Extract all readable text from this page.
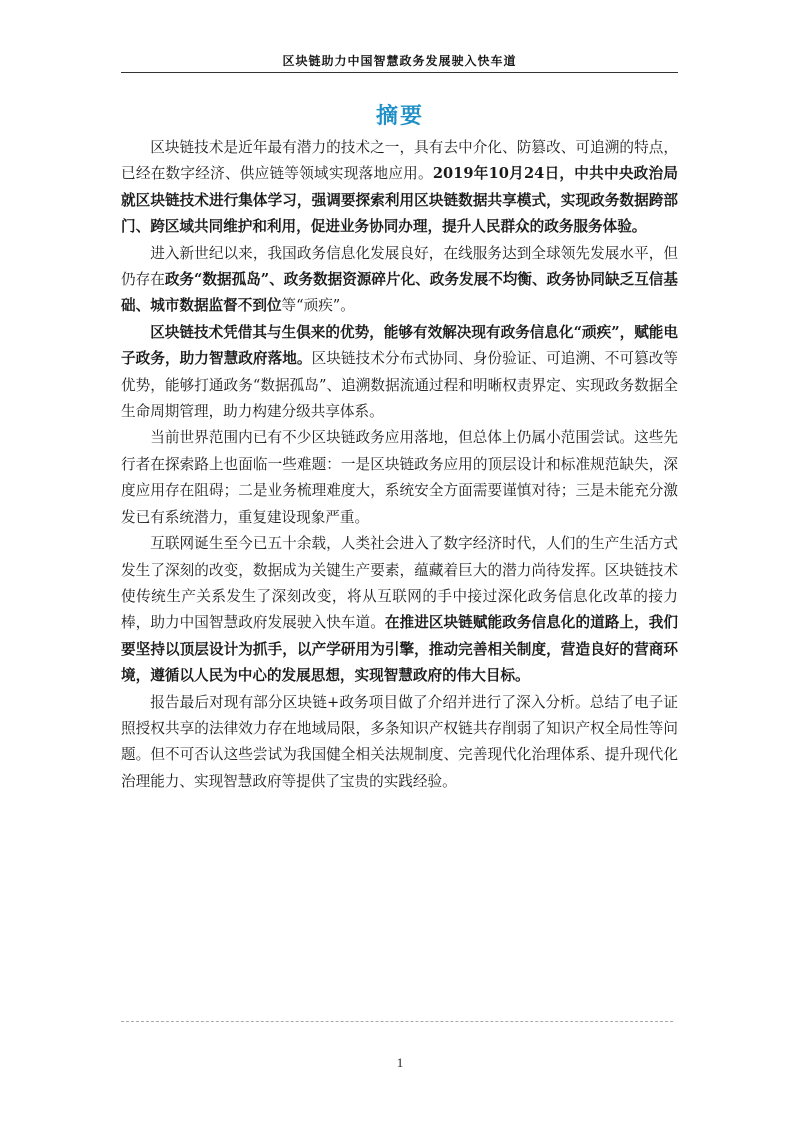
区块链助力中国智慧政务发展驶入快车道
摘要

区块链技术是近年最有潜力的技术之一，具有去中介化、防篡改、可追溯的特点，已经在数字经济、供应链等领域实现落地应用。2019年10月24日，中共中央政治局就区块链技术进行集体学习，强调要探索利用区块链数据共享模式，实现政务数据跨部门、跨区域共同维护和利用，促进业务协同办理，提升人民群众的政务服务体验。

进入新世纪以来，我国政务信息化发展良好，在线服务达到全球领先发展水平，但仍存在政务“数据孤岛”、政务数据资源碎片化、政务发展不均衡、政务协同缺乏互信基础、城市数据监督不到位等“顽疾”。

区块链技术凭借其与生俱来的优势，能够有效解决现有政务信息化“顽疾”，赋能电子政务，助力智慧政府落地。区块链技术分布式协同、身份验证、可追溯、不可篡改等优势，能够打通政务“数据孤岛”、追溯数据流通过程和明晰权责界定、实现政务数据全生命周期管理，助力构建分级共享体系。

当前世界范围内已有不少区块链政务应用落地，但总体上仍属小范围尝试。这些先行者在探索路上也面临一些难题：一是区块链政务应用的顶层设计和标准规范缺失，深度应用存在阻碍；二是业务梳理难度大，系统安全方面需要谨慎对待；三是未能充分激发已有系统潜力，重复建设现象严重。

互联网诞生至今已五十余载，人类社会进入了数字经济时代，人们的生产生活方式发生了深刻的改变，数据成为关键生产要素，蕴藏着巨大的潜力尚待发挥。区块链技术使传统生产关系发生了深刻改变，将从互联网的手中接过深化政务信息化改革的接力棒，助力中国智慧政府发展驶入快车道。在推进区块链赋能政务信息化的道路上，我们要坚持以顶层设计为抓手，以产学研用为引擎，推动完善相关制度，营造良好的营商环境，遵循以人民为中心的发展思想，实现智慧政府的伟大目标。

报告最后对现有部分区块链+政务项目做了介绍并进行了深入分析。总结了电子证照授权共享的法律效力存在地域局限，多条知识产权链共存削弱了知识产权全局性等问题。但不可否认这些尝试为我国健全相关法规制度、完善现代化治理体系、提升现代化治理能力、实现智慧政府等提供了宝贵的实践经验。

1
